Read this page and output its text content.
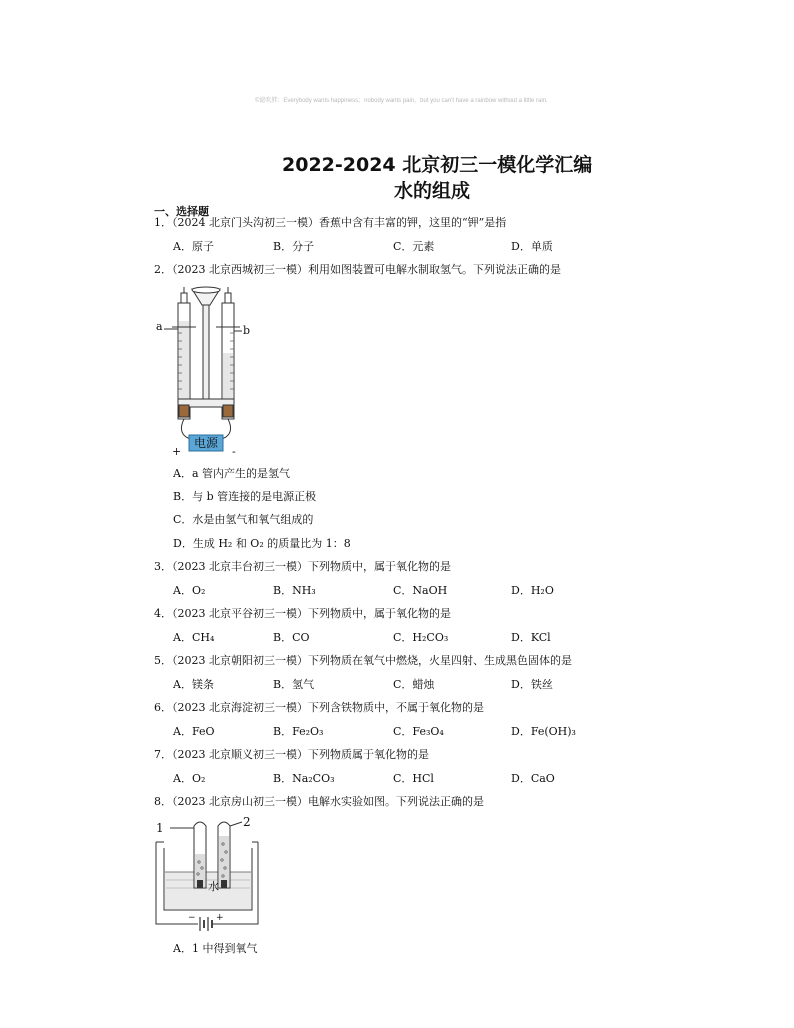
©滤吹胖：Everybody wants happiness；nobody wants pain，but you can't have a rainbow without a little rain.
2022-2024 北京初三一模化学汇编
水的组成
一、选择题
1．（2024 北京门头沟初三一模）香蕉中含有丰富的钾，这里的“钾”是指
A．原子	B．分子	C．元素	D．单质
2．（2023 北京西城初三一模）利用如图装置可电解水制取氢气。下列说法正确的是
电源
+	-
a	b
A．a 管内产生的是氢气
B．与 b 管连接的是电源正极
C．水是由氢气和氧气组成的
D．生成 H₂ 和 O₂ 的质量比为 1：8
3．（2023 北京丰台初三一模）下列物质中，属于氧化物的是
A．O₂	B．NH₃	C．NaOH	D．H₂O
4．（2023 北京平谷初三一模）下列物质中，属于氧化物的是
A．CH₄	B．CO	C．H₂CO₃	D．KCl
5．（2023 北京朝阳初三一模）下列物质在氧气中燃烧，火星四射、生成黑色固体的是
A．镁条	B．氢气	C．蜡烛	D．铁丝
6．（2023 北京海淀初三一模）下列含铁物质中，不属于氧化物的是
A．FeO	B．Fe₂O₃	C．Fe₃O₄	D．Fe(OH)₃
7．（2023 北京顺义初三一模）下列物质属于氧化物的是
A．O₂	B．Na₂CO₃	C．HCl	D．CaO
8．（2023 北京房山初三一模）电解水实验如图。下列说法正确的是
1	2
水
− +
A．1 中得到氧气
